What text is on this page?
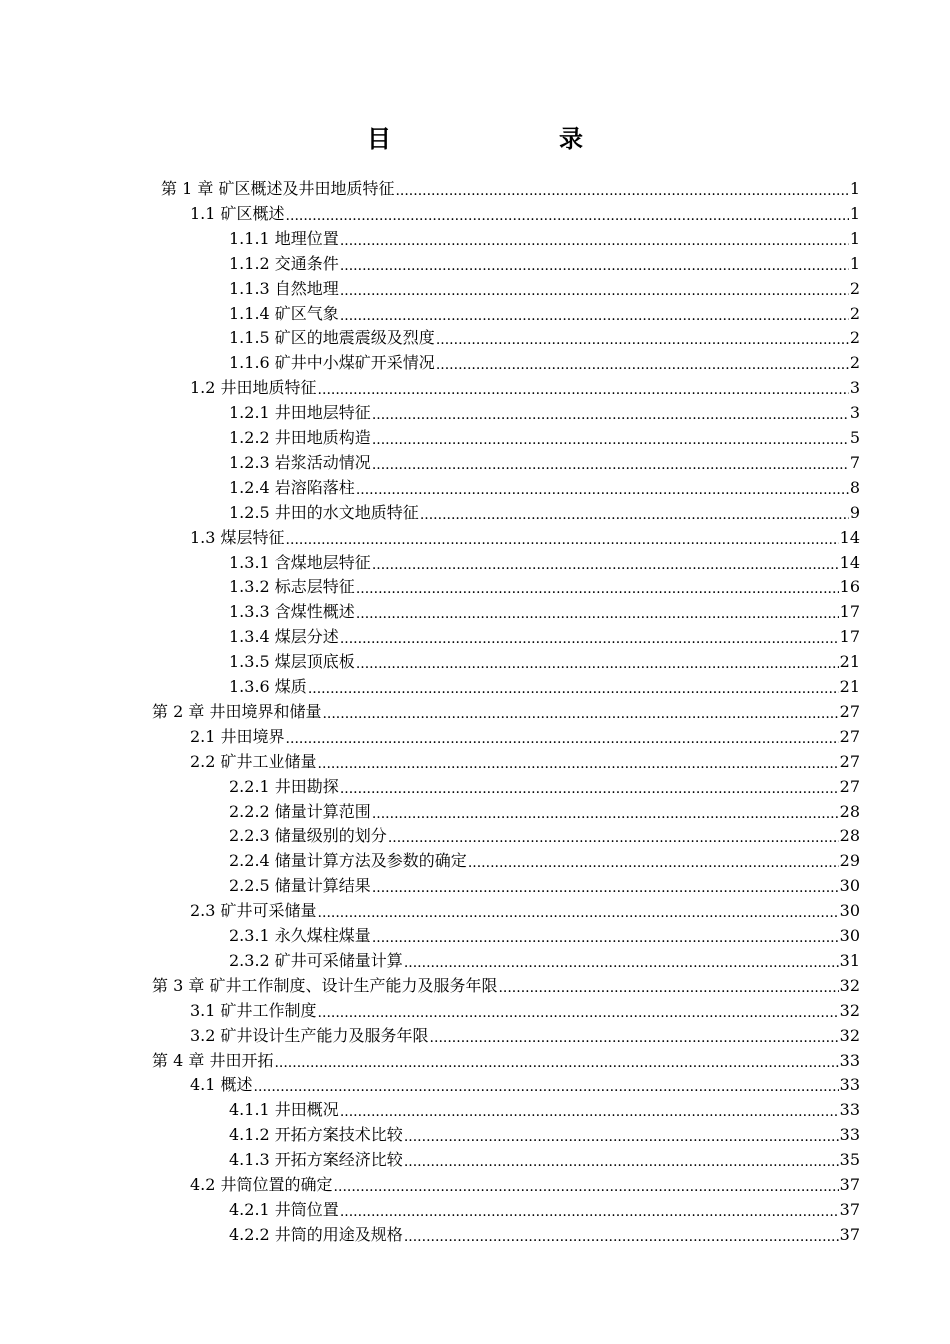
目　　录
第 1 章 矿区概述及井田地质特征 .....	1
1.1 矿区概述 .....	1
1.1.1 地理位置 .....	1
1.1.2 交通条件 .....	1
1.1.3 自然地理 .....	2
1.1.4 矿区气象 .....	2
1.1.5 矿区的地震震级及烈度 .....	2
1.1.6 矿井中小煤矿开采情况 .....	2
1.2 井田地质特征 .....	3
1.2.1 井田地层特征 .....	3
1.2.2 井田地质构造 .....	5
1.2.3 岩浆活动情况 .....	7
1.2.4 岩溶陷落柱 .....	8
1.2.5 井田的水文地质特征 .....	9
1.3 煤层特征 .....	14
1.3.1 含煤地层特征 .....	14
1.3.2 标志层特征 .....	16
1.3.3 含煤性概述 .....	17
1.3.4 煤层分述 .....	17
1.3.5 煤层顶底板 .....	21
1.3.6 煤质 .....	21
第 2 章 井田境界和储量 .....	27
2.1 井田境界 .....	27
2.2 矿井工业储量 .....	27
2.2.1 井田勘探 .....	27
2.2.2 储量计算范围 .....	28
2.2.3 储量级别的划分 .....	28
2.2.4 储量计算方法及参数的确定 .....	29
2.2.5 储量计算结果 .....	30
2.3 矿井可采储量 .....	30
2.3.1 永久煤柱煤量 .....	30
2.3.2 矿井可采储量计算 .....	31
第 3 章 矿井工作制度、设计生产能力及服务年限 .....	32
3.1 矿井工作制度 .....	32
3.2 矿井设计生产能力及服务年限 .....	32
第 4 章 井田开拓 .....	33
4.1 概述 .....	33
4.1.1 井田概况 .....	33
4.1.2 开拓方案技术比较 .....	33
4.1.3 开拓方案经济比较 .....	35
4.2 井筒位置的确定 .....	37
4.2.1 井筒位置 .....	37
4.2.2 井筒的用途及规格 .....	37
